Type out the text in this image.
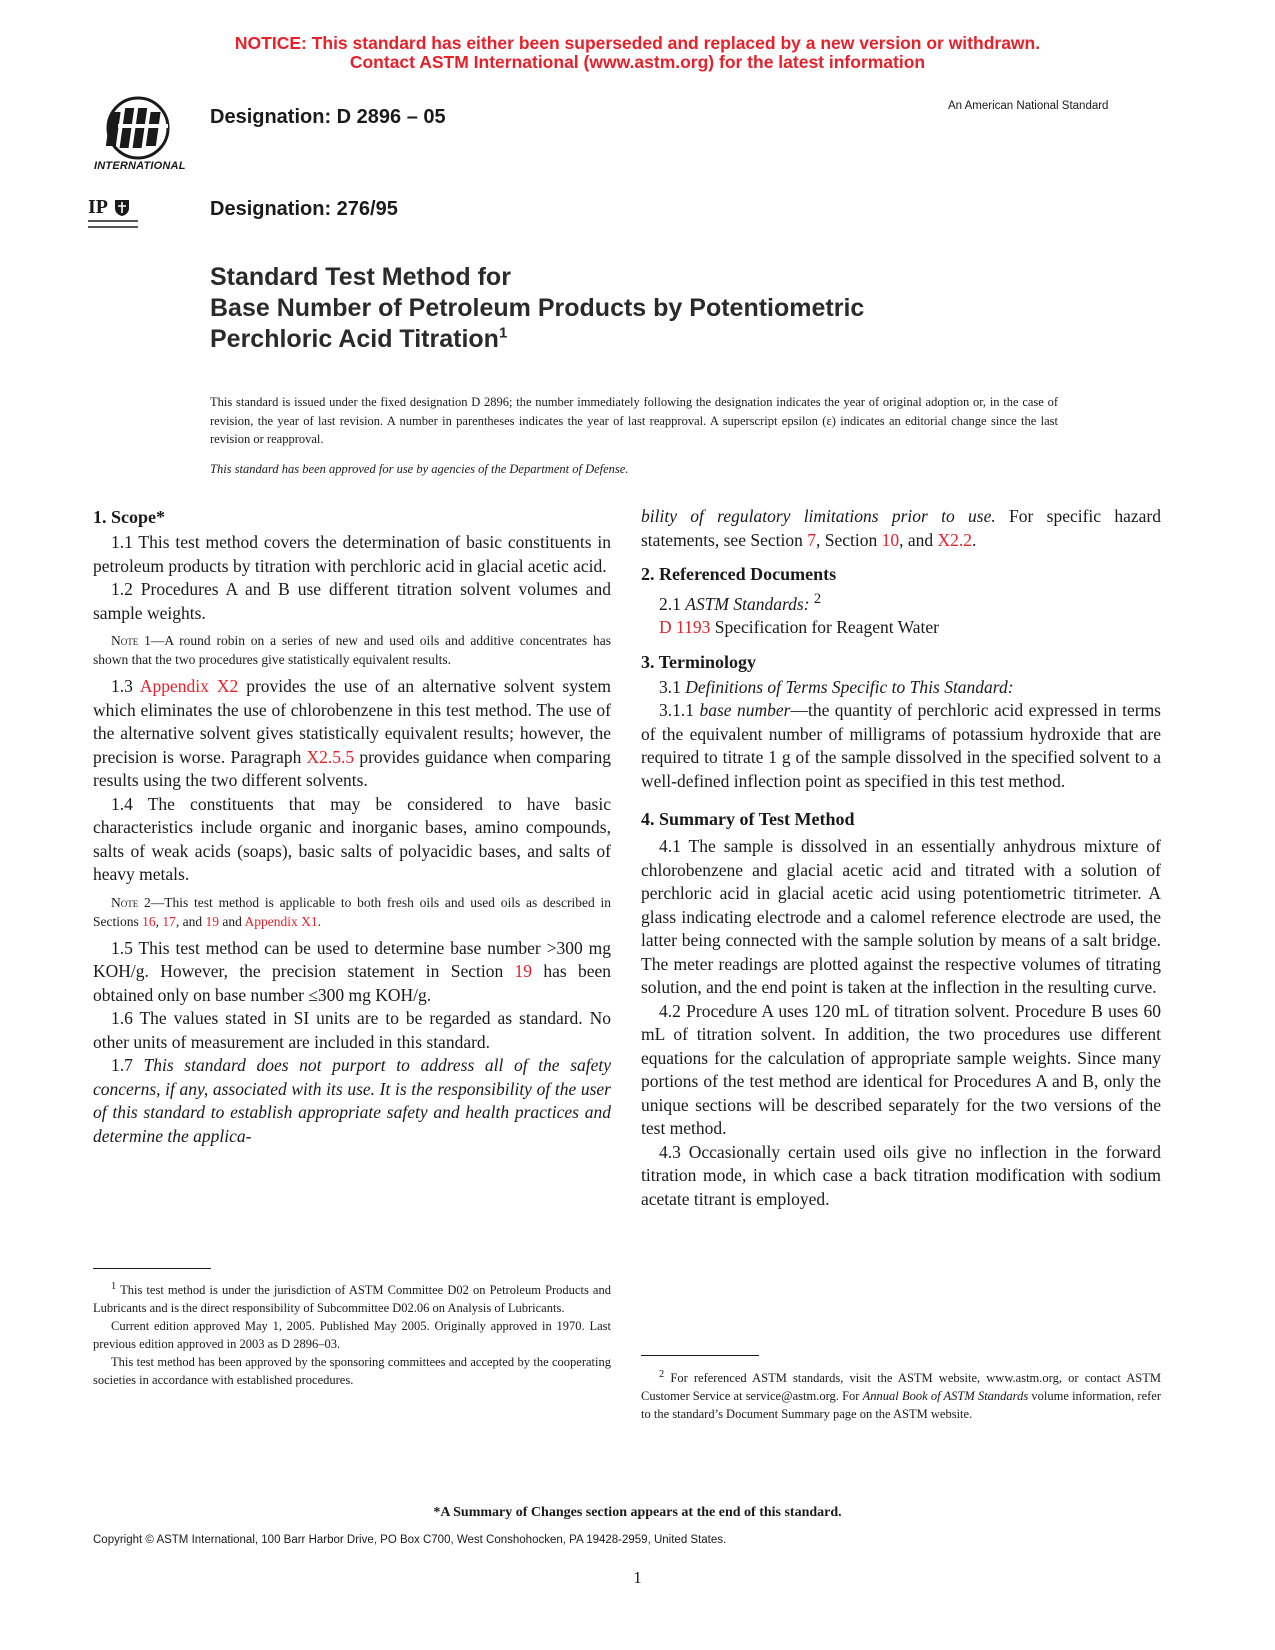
NOTICE: This standard has either been superseded and replaced by a new version or withdrawn.
Contact ASTM International (www.astm.org) for the latest information
INTERNATIONAL
Designation: D 2896 – 05	An American National Standard
IP	Designation: 276/95
Standard Test Method for
Base Number of Petroleum Products by Potentiometric
Perchloric Acid Titration$^1$
This standard is issued under the fixed designation D 2896; the number immediately following the designation indicates the year of original adoption or, in the case of revision, the year of last revision. A number in parentheses indicates the year of last reapproval. A superscript epsilon (ε) indicates an editorial change since the last revision or reapproval.
This standard has been approved for use by agencies of the Department of Defense.
1. Scope*

1.1 This test method covers the determination of basic constituents in petroleum products by titration with perchloric acid in glacial acetic acid.

1.2 Procedures A and B use different titration solvent volumes and sample weights.

Note 1—A round robin on a series of new and used oils and additive concentrates has shown that the two procedures give statistically equivalent results.

1.3 Appendix X2 provides the use of an alternative solvent system which eliminates the use of chlorobenzene in this test method. The use of the alternative solvent gives statistically equivalent results; however, the precision is worse. Paragraph X2.5.5 provides guidance when comparing results using the two different solvents.

1.4 The constituents that may be considered to have basic characteristics include organic and inorganic bases, amino compounds, salts of weak acids (soaps), basic salts of polyacidic bases, and salts of heavy metals.

Note 2—This test method is applicable to both fresh oils and used oils as described in Sections 16, 17, and 19 and Appendix X1.

1.5 This test method can be used to determine base number >300 mg KOH/g. However, the precision statement in Section 19 has been obtained only on base number ≤300 mg KOH/g.

1.6 The values stated in SI units are to be regarded as standard. No other units of measurement are included in this standard.

1.7 This standard does not purport to address all of the safety concerns, if any, associated with its use. It is the responsibility of the user of this standard to establish appropriate safety and health practices and determine the applica-

$^1$ This test method is under the jurisdiction of ASTM Committee D02 on Petroleum Products and Lubricants and is the direct responsibility of Subcommittee D02.06 on Analysis of Lubricants.

Current edition approved May 1, 2005. Published May 2005. Originally approved in 1970. Last previous edition approved in 2003 as D 2896–03.

This test method has been approved by the sponsoring committees and accepted by the cooperating societies in accordance with established procedures.

bility of regulatory limitations prior to use. For specific hazard statements, see Section 7, Section 10, and X2.2.

2. Referenced Documents

2.1 ASTM Standards: $^2$

D 1193 Specification for Reagent Water

3. Terminology

3.1 Definitions of Terms Specific to This Standard:

3.1.1 base number—the quantity of perchloric acid expressed in terms of the equivalent number of milligrams of potassium hydroxide that are required to titrate 1 g of the sample dissolved in the specified solvent to a well-defined inflection point as specified in this test method.

4. Summary of Test Method

4.1 The sample is dissolved in an essentially anhydrous mixture of chlorobenzene and glacial acetic acid and titrated with a solution of perchloric acid in glacial acetic acid using potentiometric titrimeter. A glass indicating electrode and a calomel reference electrode are used, the latter being connected with the sample solution by means of a salt bridge. The meter readings are plotted against the respective volumes of titrating solution, and the end point is taken at the inflection in the resulting curve.

4.2 Procedure A uses 120 mL of titration solvent. Procedure B uses 60 mL of titration solvent. In addition, the two procedures use different equations for the calculation of appropriate sample weights. Since many portions of the test method are identical for Procedures A and B, only the unique sections will be described separately for the two versions of the test method.

4.3 Occasionally certain used oils give no inflection in the forward titration mode, in which case a back titration modification with sodium acetate titrant is employed.

$^2$ For referenced ASTM standards, visit the ASTM website, www.astm.org, or contact ASTM Customer Service at service@astm.org. For Annual Book of ASTM Standards volume information, refer to the standard’s Document Summary page on the ASTM website.

*A Summary of Changes section appears at the end of this standard.
Copyright © ASTM International, 100 Barr Harbor Drive, PO Box C700, West Conshohocken, PA 19428-2959, United States.
1
